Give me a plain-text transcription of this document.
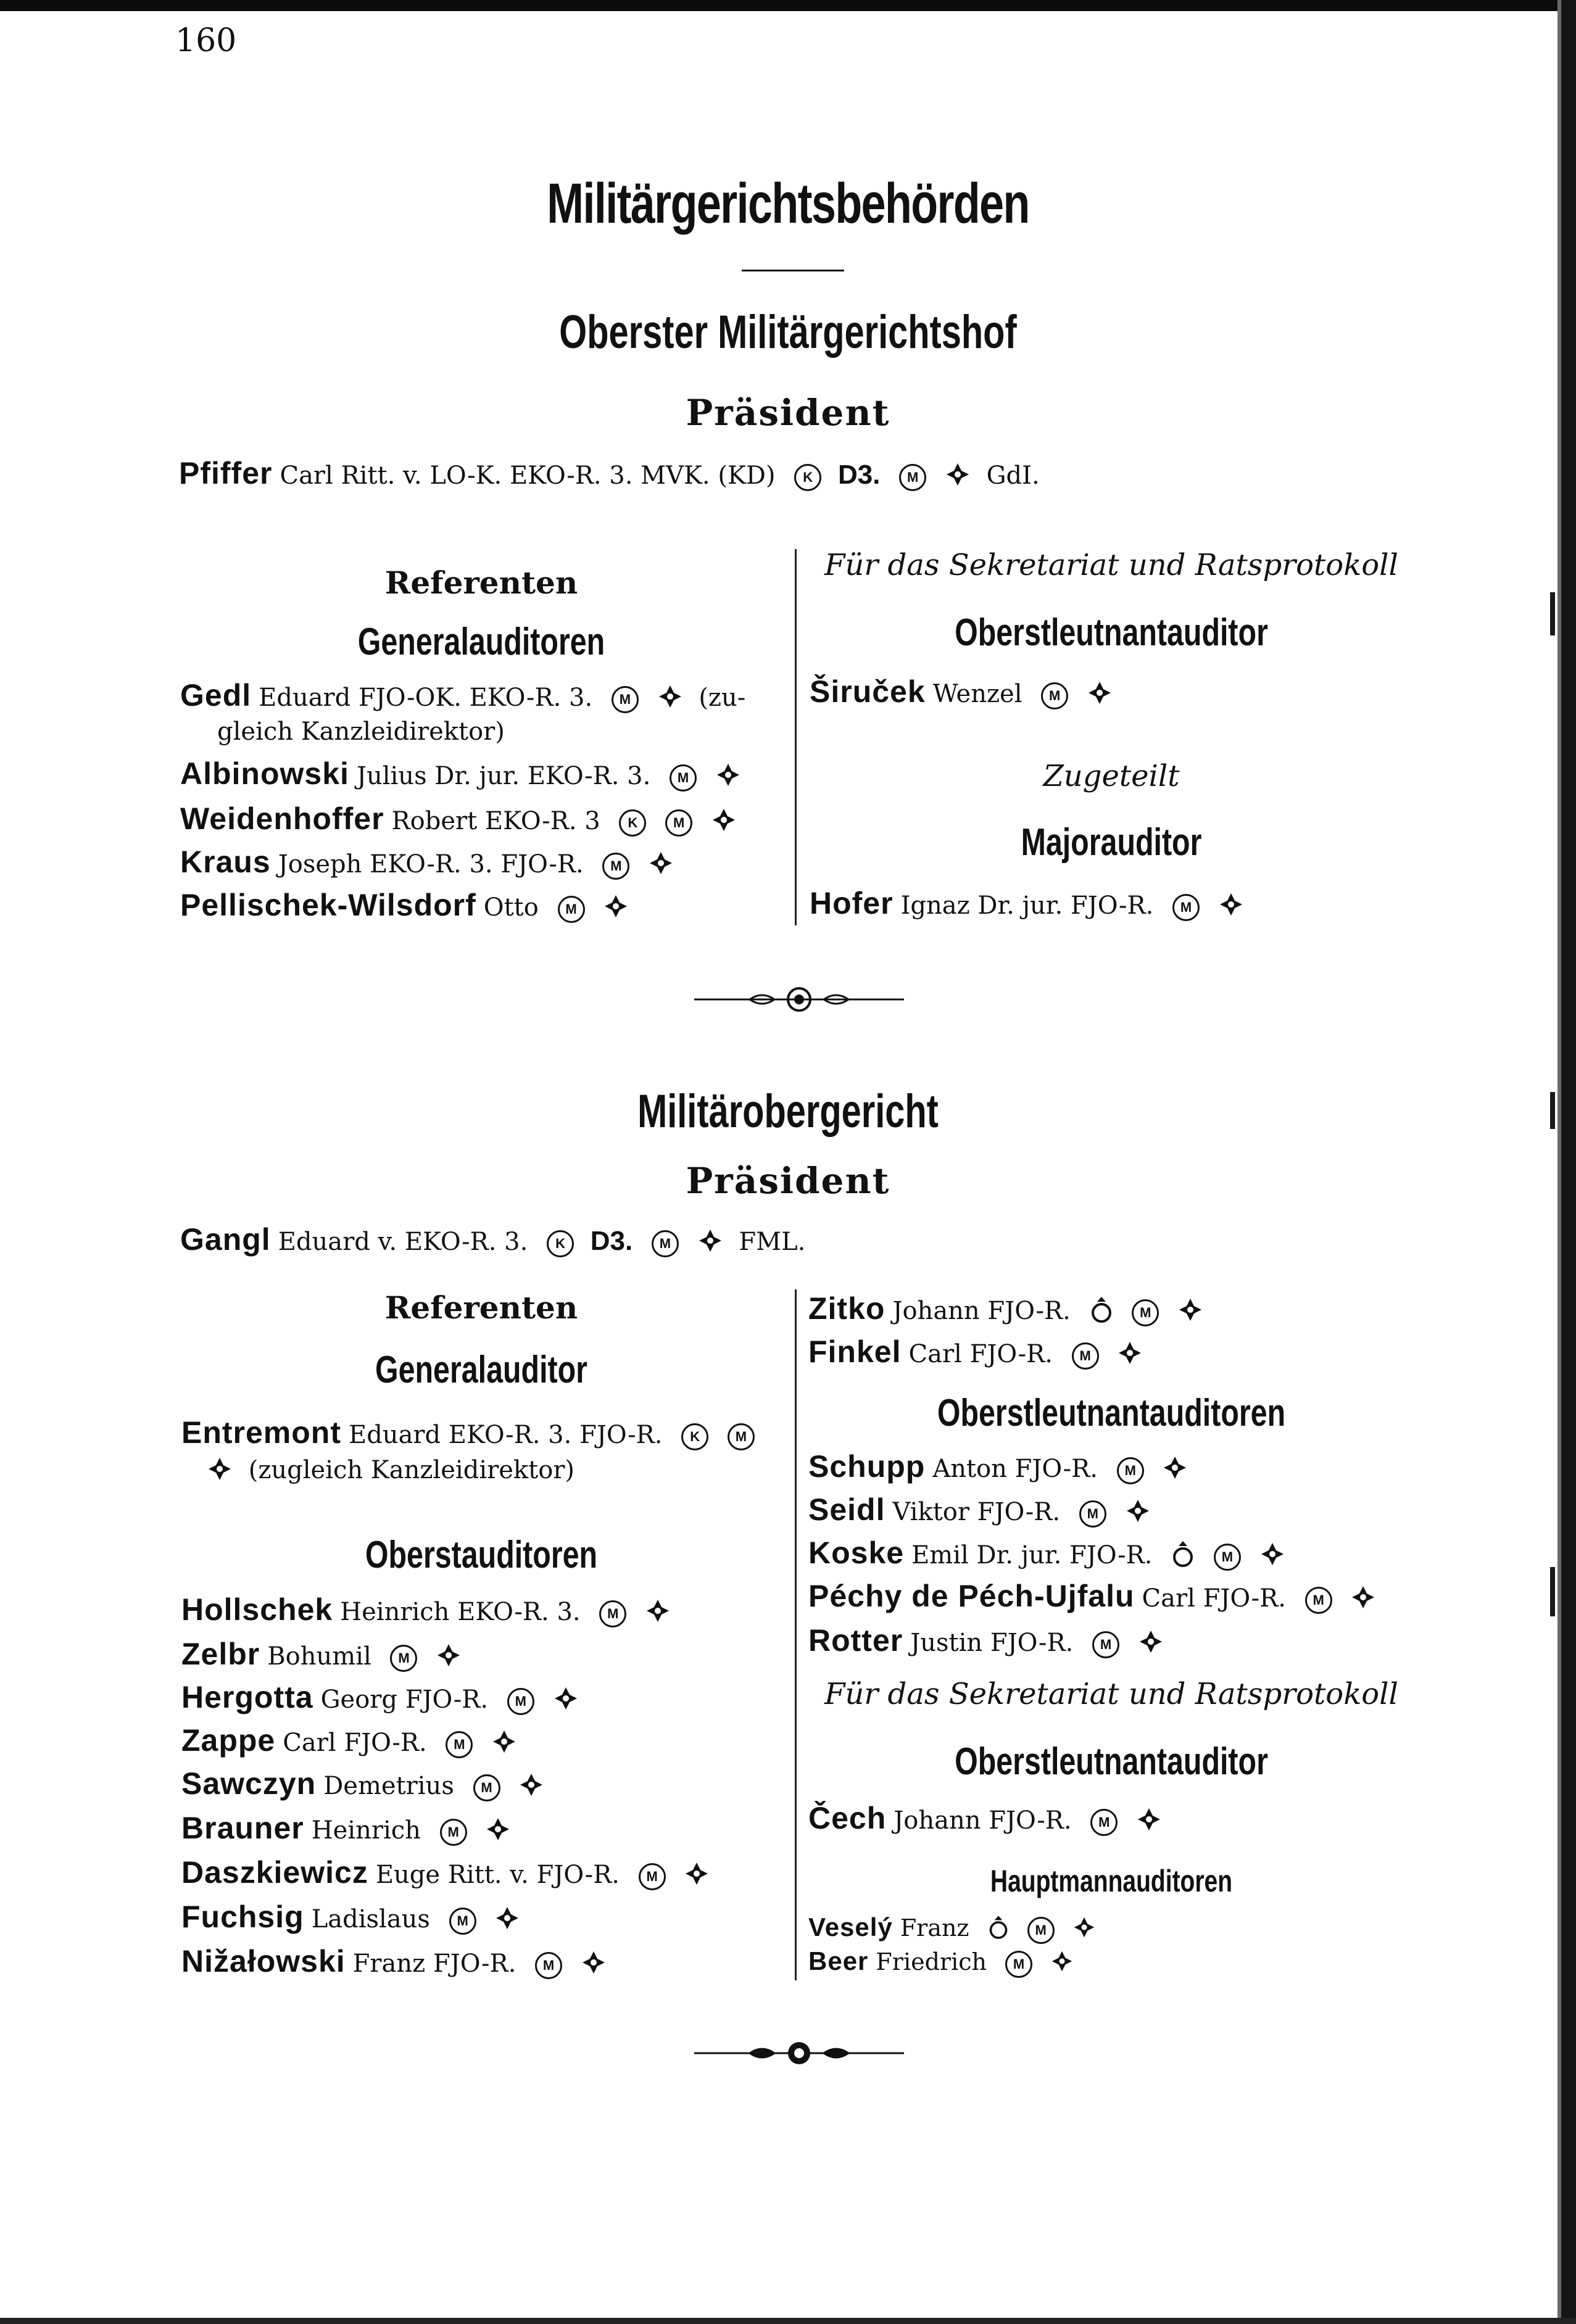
160
Militärgerichtsbehörden
Oberster Militärgerichtshof
Präsident
Pfiffer Carl Ritt. v. LO-K. EKO-R. 3. MVK. (KD) K D3. M	GdI.
Referenten
Generalauditoren
Gedl Eduard FJO-OK. EKO-R. 3. M	(zu-
gleich Kanzleidirektor)
Albinowski Julius Dr. jur. EKO-R. 3. M
Weidenhoffer Robert EKO-R. 3 K	M
Kraus Joseph EKO-R. 3. FJO-R. M
Pellischek-Wilsdorf Otto M
Für das Sekretariat und Ratsprotokoll
Oberstleutnantauditor
Širuček Wenzel M
Zugeteilt
Majorauditor
Hofer Ignaz Dr. jur. FJO-R. M
Militärobergericht
Präsident
Gangl Eduard v. EKO-R. 3. K D3. M	FML.
Referenten
Generalauditor
Entremont Eduard EKO-R. 3. FJO-R. K	M
(zugleich Kanzleidirektor)
Oberstauditoren
Hollschek Heinrich EKO-R. 3. M
Zelbr Bohumil M
Hergotta Georg FJO-R. M
Zappe Carl FJO-R. M
Sawczyn Demetrius M
Brauner Heinrich M
Daszkiewicz Euge Ritt. v. FJO-R. M
Fuchsig Ladislaus M
Nižałowski Franz FJO-R. M
Zitko Johann FJO-R.	M
Finkel Carl FJO-R. M
Oberstleutnantauditoren
Schupp Anton FJO-R. M
Seidl Viktor FJO-R. M
Koske Emil Dr. jur. FJO-R.	M
Péchy de Péch-Ujfalu Carl FJO-R. M
Rotter Justin FJO-R. M
Für das Sekretariat und Ratsprotokoll
Oberstleutnantauditor
Čech Johann FJO-R. M
Hauptmannauditoren
Veselý Franz	M
Beer Friedrich M
